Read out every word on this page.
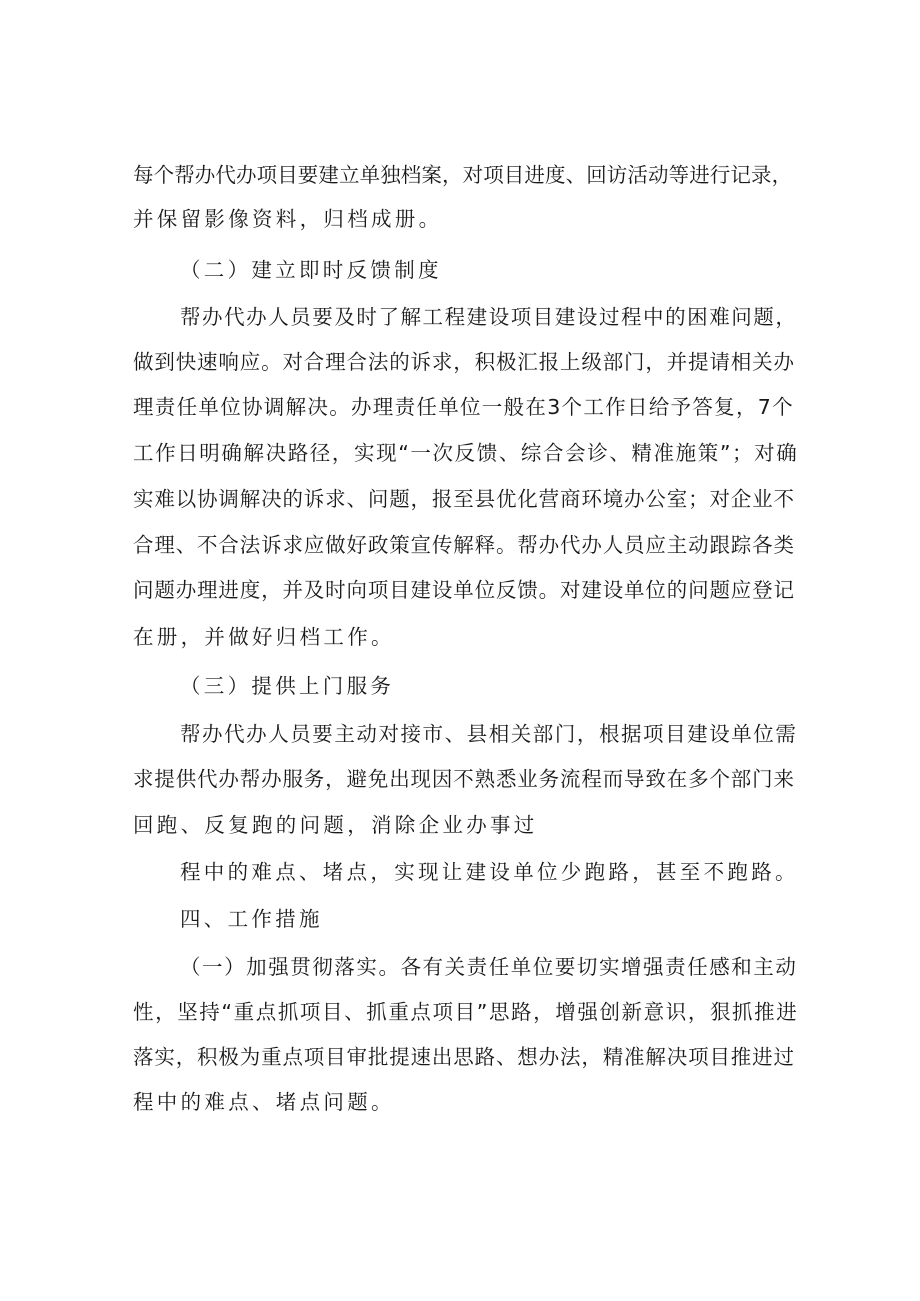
每个帮办代办项目要建立单独档案，对项目进度、回访活动等进行记录，
并保留影像资料，归档成册。
（二）建立即时反馈制度
帮办代办人员要及时了解工程建设项目建设过程中的困难问题，
做到快速响应。对合理合法的诉求，积极汇报上级部门，并提请相关办
理责任单位协调解决。办理责任单位一般在3个工作日给予答复，7个
工作日明确解决路径，实现“一次反馈、综合会诊、精准施策”；对确
实难以协调解决的诉求、问题，报至县优化营商环境办公室；对企业不
合理、不合法诉求应做好政策宣传解释。帮办代办人员应主动跟踪各类
问题办理进度，并及时向项目建设单位反馈。对建设单位的问题应登记
在册，并做好归档工作。
（三）提供上门服务
帮办代办人员要主动对接市、县相关部门，根据项目建设单位需
求提供代办帮办服务，避免出现因不熟悉业务流程而导致在多个部门来
回跑、反复跑的问题，消除企业办事过
程中的难点、堵点，实现让建设单位少跑路，甚至不跑路。
四、工作措施
（一）加强贯彻落实。各有关责任单位要切实增强责任感和主动
性，坚持“重点抓项目、抓重点项目”思路，增强创新意识，狠抓推进
落实，积极为重点项目审批提速出思路、想办法，精准解决项目推进过
程中的难点、堵点问题。
